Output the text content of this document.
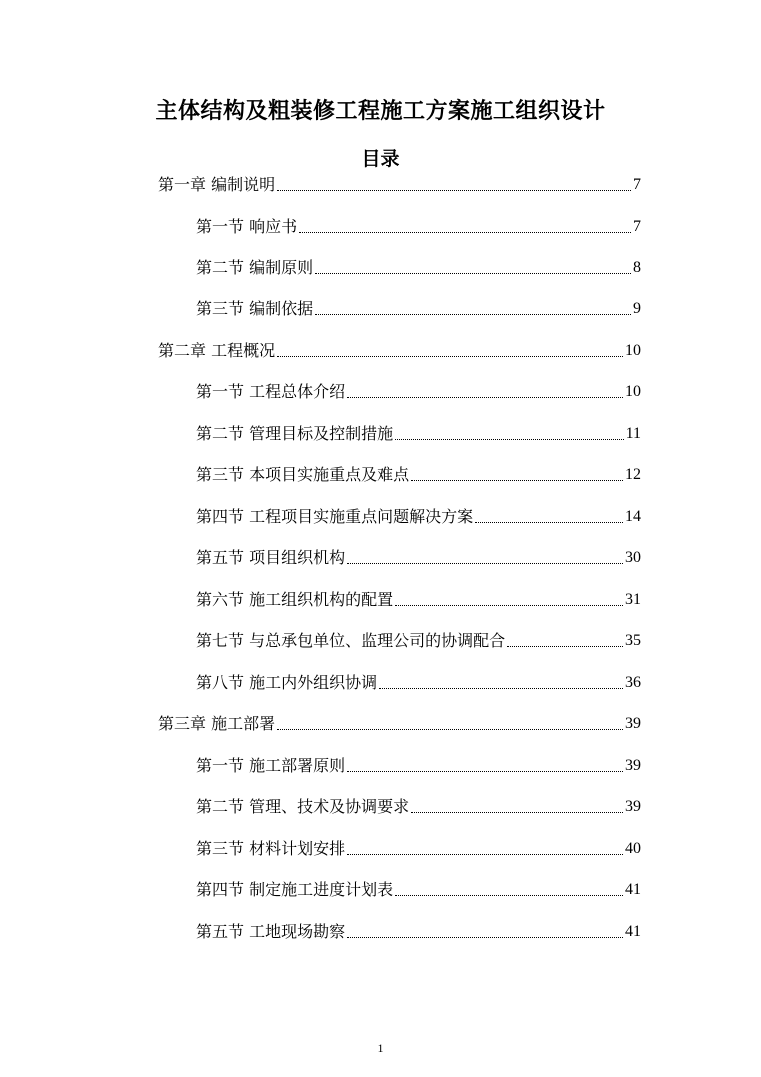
主体结构及粗装修工程施工方案施工组织设计
目录
第一章 编制说明	7
第一节 响应书	7
第二节 编制原则	8
第三节 编制依据	9
第二章 工程概况	10
第一节 工程总体介绍	10
第二节 管理目标及控制措施	11
第三节 本项目实施重点及难点	12
第四节 工程项目实施重点问题解决方案	14
第五节 项目组织机构	30
第六节 施工组织机构的配置	31
第七节 与总承包单位、监理公司的协调配合	35
第八节 施工内外组织协调	36
第三章 施工部署	39
第一节 施工部署原则	39
第二节 管理、技术及协调要求	39
第三节 材料计划安排	40
第四节 制定施工进度计划表	41
第五节 工地现场勘察	41
1
